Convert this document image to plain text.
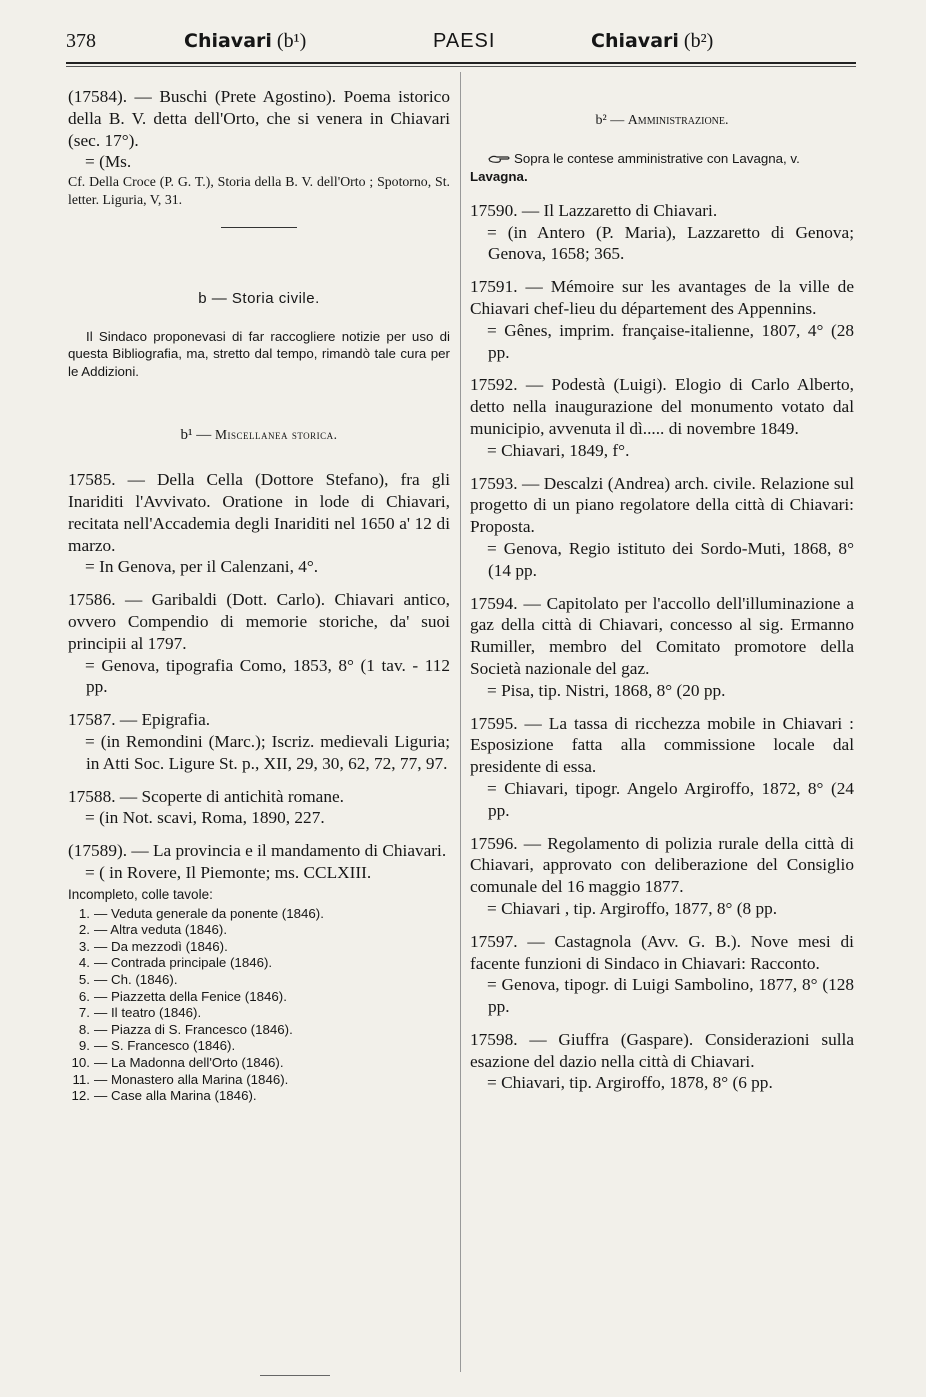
378	Chiavari (b¹)	PAESI	Chiavari (b²)

(17584). — Buschi (Prete Agostino). Poema istorico della B. V. detta dell'Orto, che si venera in Chiavari (sec. 17°).

= (Ms.

Cf. Della Croce (P. G. T.), Storia della B. V. dell'Orto ; Spotorno, St. letter. Liguria, V, 31.

b — Storia civile.

Il Sindaco proponevasi di far raccogliere notizie per uso di questa Bibliografia, ma, stretto dal tempo, rimandò tale cura per le Addizioni.

b¹ — Miscellanea storica.

17585. — Della Cella (Dottore Stefano), fra gli Inariditi l'Avvivato. Oratione in lode di Chiavari, recitata nell'Accademia degli Inariditi nel 1650 a' 12 di marzo.

= In Genova, per il Calenzani, 4°.

17586. — Garibaldi (Dott. Carlo). Chiavari antico, ovvero Compendio di memorie storiche, da' suoi principii al 1797.

= Genova, tipografia Como, 1853, 8° (1 tav. - 112 pp.

17587. — Epigrafia.

= (in Remondini (Marc.); Iscriz. medievali Liguria; in Atti Soc. Ligure St. p., XII, 29, 30, 62, 72, 77, 97.

17588. — Scoperte di antichità romane.

= (in Not. scavi, Roma, 1890, 227.

(17589). — La provincia e il mandamento di Chiavari.

= ( in Rovere, Il Piemonte; ms. CCLXIII.

Incompleto, colle tavole:

1. — Veduta generale da ponente (1846).
2. — Altra veduta (1846).
3. — Da mezzodì (1846).
4. — Contrada principale (1846).
5. — Ch. (1846).
6. — Piazzetta della Fenice (1846).
7. — Il teatro (1846).
8. — Piazza di S. Francesco (1846).
9. — S. Francesco (1846).
10. — La Madonna dell'Orto (1846).
11. — Monastero alla Marina (1846).
12. — Case alla Marina (1846).
b² — Amministrazione.

Sopra le contese amministrative con Lavagna, v. Lavagna.

17590. — Il Lazzaretto di Chiavari.

= (in Antero (P. Maria), Lazzaretto di Genova; Genova, 1658; 365.

17591. — Mémoire sur les avantages de la ville de Chiavari chef-lieu du département des Appennins.

= Gênes, imprim. française-italienne, 1807, 4° (28 pp.

17592. — Podestà (Luigi). Elogio di Carlo Alberto, detto nella inaugurazione del monumento votato dal municipio, avvenuta il dì..... di novembre 1849.

= Chiavari, 1849, f°.

17593. — Descalzi (Andrea) arch. civile. Relazione sul progetto di un piano regolatore della città di Chiavari: Proposta.

= Genova, Regio istituto dei Sordo-Muti, 1868, 8° (14 pp.

17594. — Capitolato per l'accollo dell'illuminazione a gaz della città di Chiavari, concesso al sig. Ermanno Rumiller, membro del Comitato promotore della Società nazionale del gaz.

= Pisa, tip. Nistri, 1868, 8° (20 pp.

17595. — La tassa di ricchezza mobile in Chiavari : Esposizione fatta alla commissione locale dal presidente di essa.

= Chiavari, tipogr. Angelo Argiroffo, 1872, 8° (24 pp.

17596. — Regolamento di polizia rurale della città di Chiavari, approvato con deliberazione del Consiglio comunale del 16 maggio 1877.

= Chiavari , tip. Argiroffo, 1877, 8° (8 pp.

17597. — Castagnola (Avv. G. B.). Nove mesi di facente funzioni di Sindaco in Chiavari: Racconto.

= Genova, tipogr. di Luigi Sambolino, 1877, 8° (128 pp.

17598. — Giuffra (Gaspare). Considerazioni sulla esazione del dazio nella città di Chiavari.

= Chiavari, tip. Argiroffo, 1878, 8° (6 pp.
